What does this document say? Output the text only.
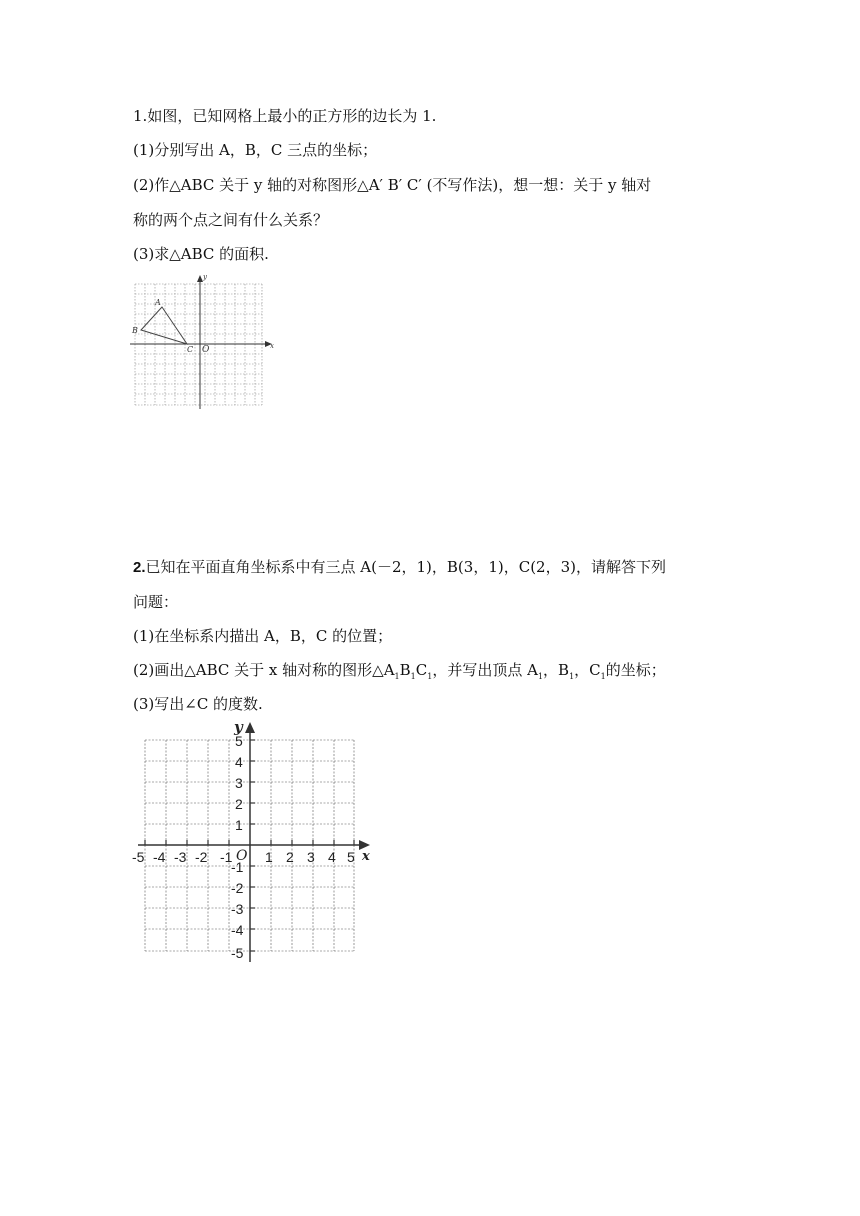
1.如图，已知网格上最小的正方形的边长为 1.
(1)分别写出 A，B，C 三点的坐标；
(2)作△ABC 关于 y 轴的对称图形△A′ B′ C′ (不写作法)，想一想：关于 y 轴对
称的两个点之间有什么关系？
(3)求△ABC 的面积.
x
y
O
A
B
C
2.已知在平面直角坐标系中有三点 A(－2，1)，B(3，1)，C(2，3)，请解答下列
问题：
(1)在坐标系内描出 A，B，C 的位置；
(2)画出△ABC 关于 x 轴对称的图形$\triangle A_1B_1C_1$，并写出顶点 $A_1$，$B_1$，$C_1$的坐标；
(3)写出∠C 的度数.
-5 -4 -3 -2 -1 1 2 3 4 5
5
4
3
2
1
-1
-2
-3
-4
-5
O	x
y
